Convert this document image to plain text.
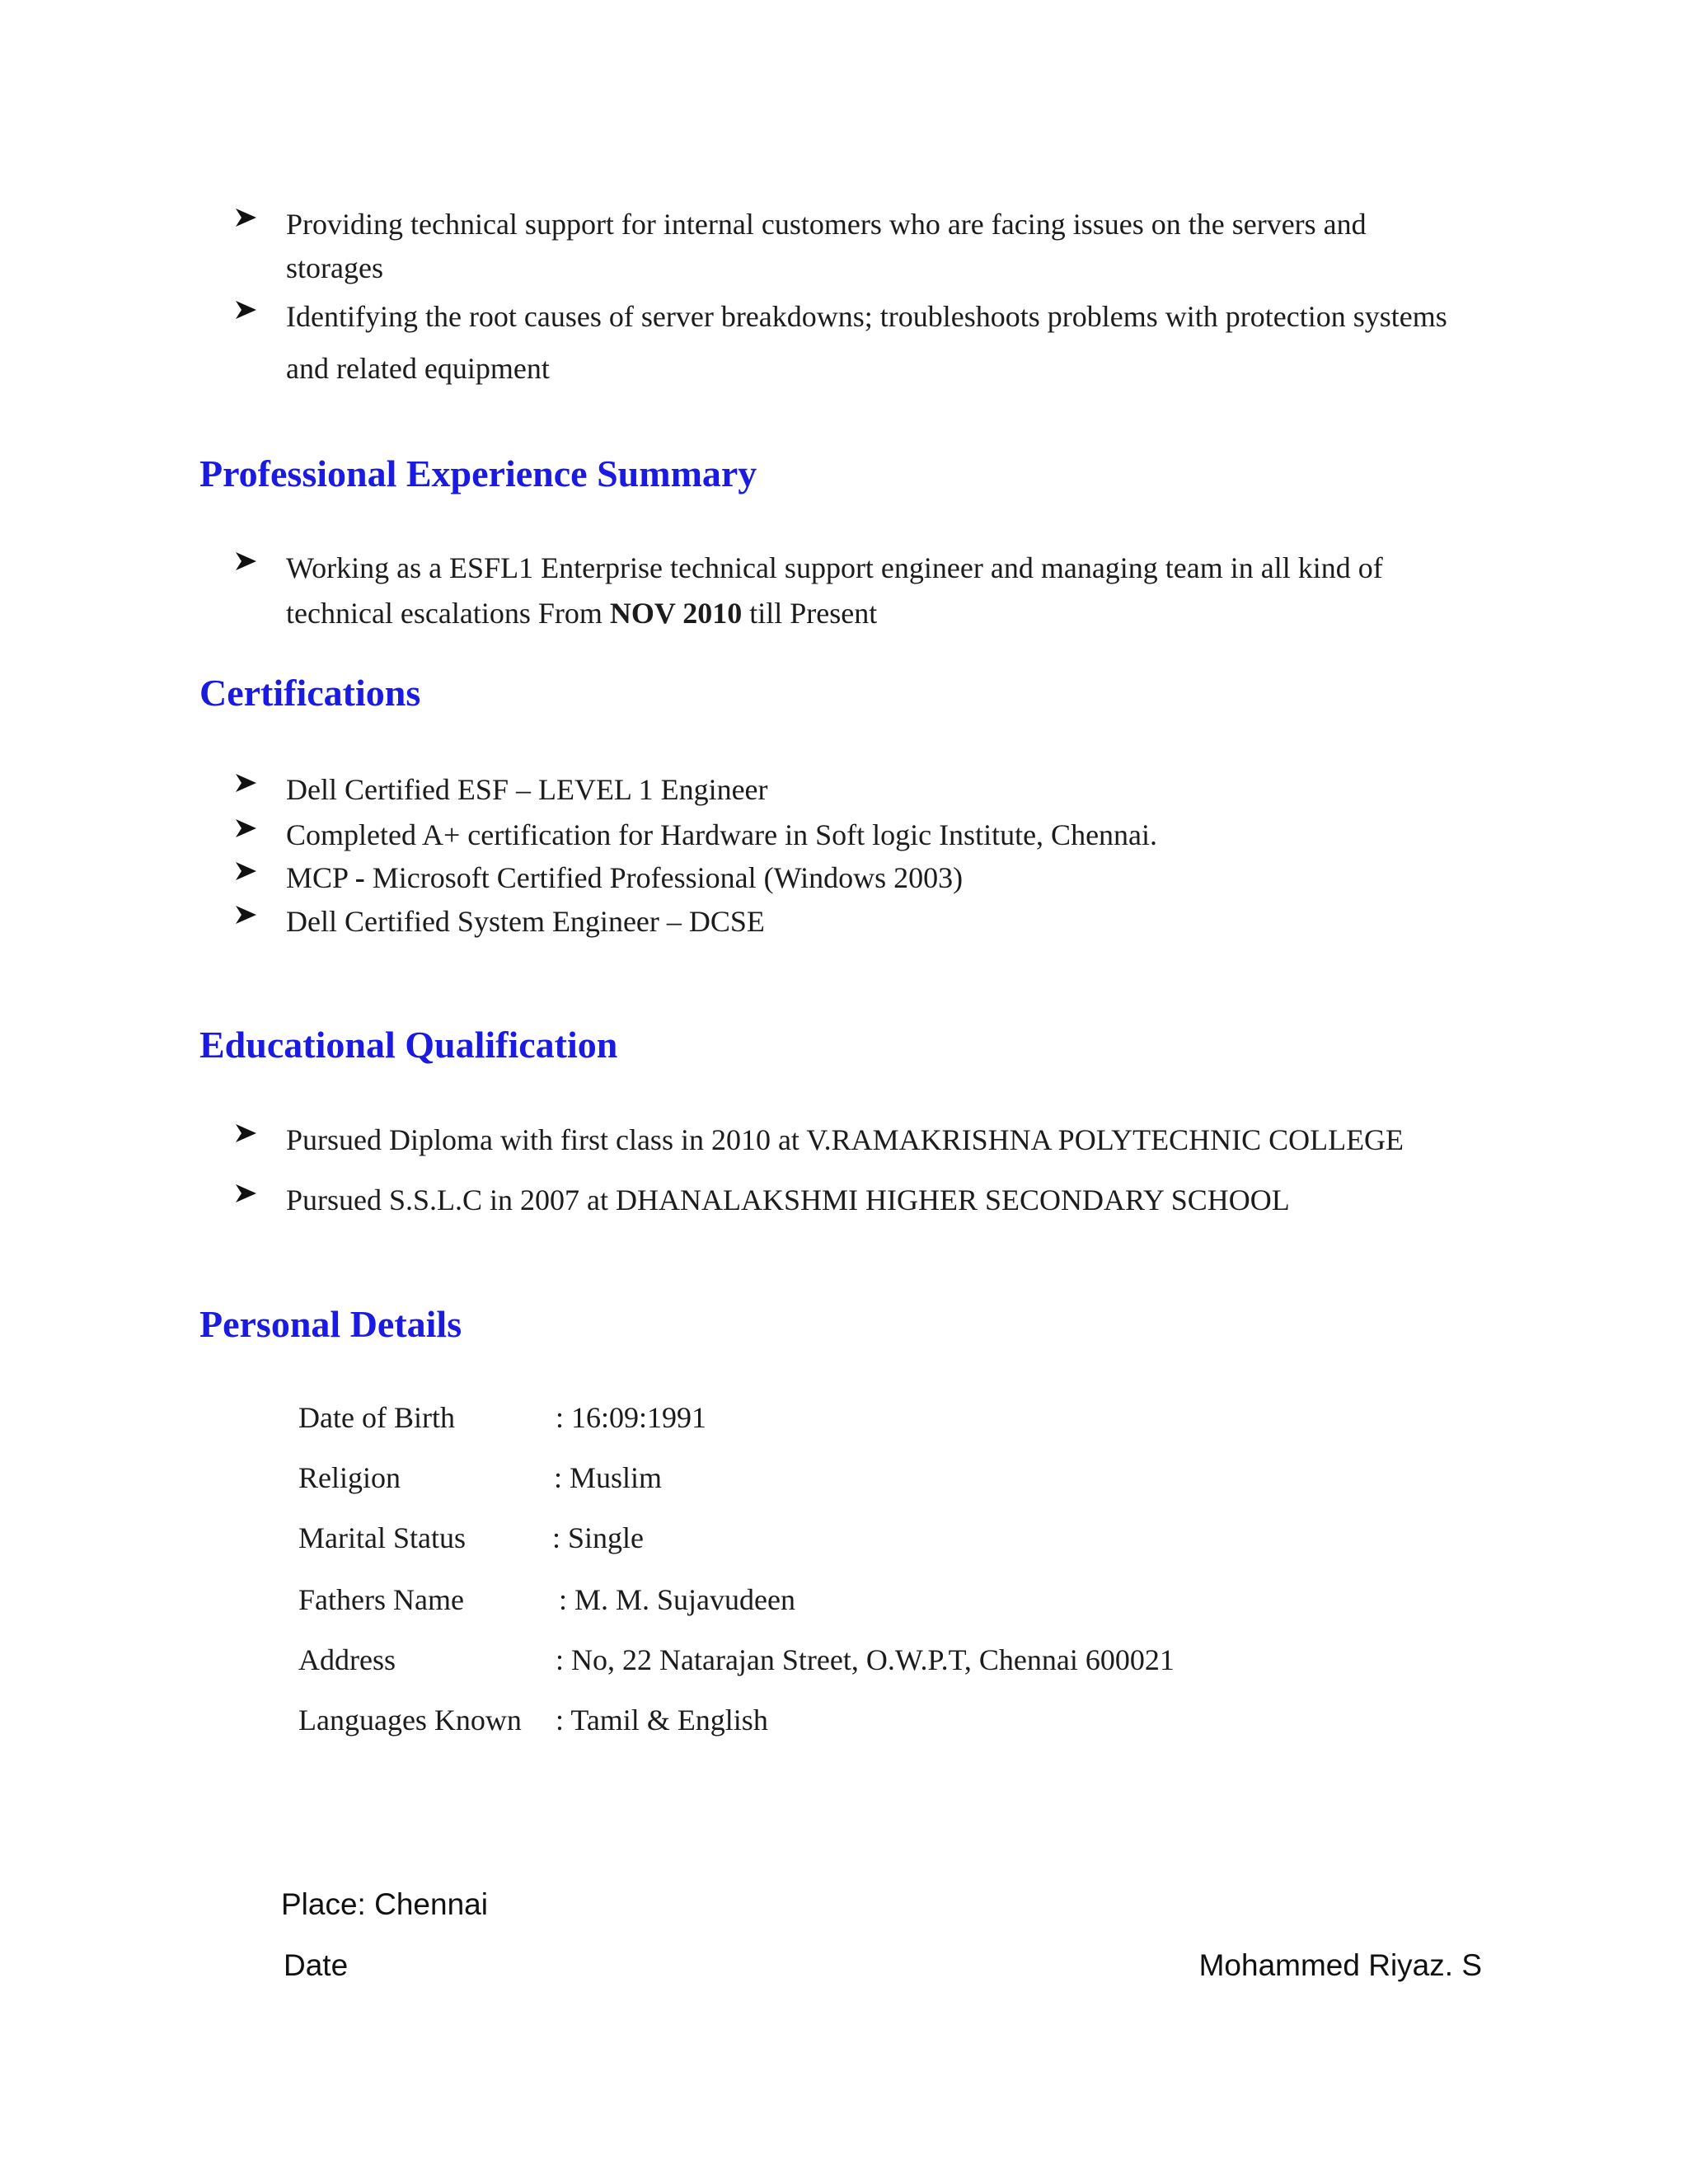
Providing technical support for internal customers who are facing issues on the servers and
storages
Identifying the root causes of server breakdowns; troubleshoots problems with protection systems
and related equipment
Professional Experience Summary
Working as a ESFL1 Enterprise technical support engineer and managing team in all kind of
technical escalations From NOV 2010 till Present
Certifications
Dell Certified ESF – LEVEL 1 Engineer
Completed A+ certification for Hardware in Soft logic Institute, Chennai.
MCP - Microsoft Certified Professional (Windows 2003)
Dell Certified System Engineer – DCSE
Educational Qualification
Pursued Diploma with first class in 2010 at V.RAMAKRISHNA POLYTECHNIC COLLEGE
Pursued S.S.L.C in 2007 at DHANALAKSHMI HIGHER SECONDARY SCHOOL
Personal Details
Date of Birth	: 16:09:1991
Religion	: Muslim
Marital Status	: Single
Fathers Name	: M. M. Sujavudeen
Address	: No, 22 Natarajan Street, O.W.P.T, Chennai 600021
Languages Known : Tamil & English
Place: Chennai
Date	Mohammed Riyaz. S
